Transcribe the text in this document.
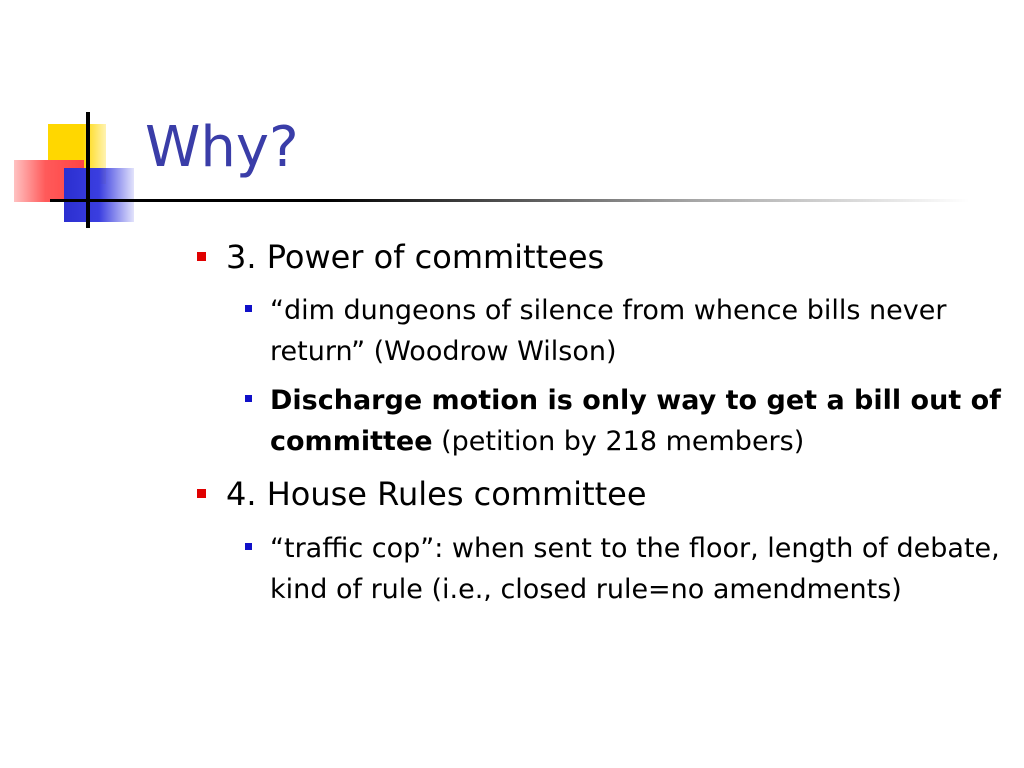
Why?

3. Power of committees

“dim dungeons of silence from whence bills never return” (Woodrow Wilson)

Discharge motion is only way to get a bill out of committee (petition by 218 members)

4. House Rules committee

“traffic cop”: when sent to the floor, length of debate, kind of rule (i.e., closed rule=no amendments)
